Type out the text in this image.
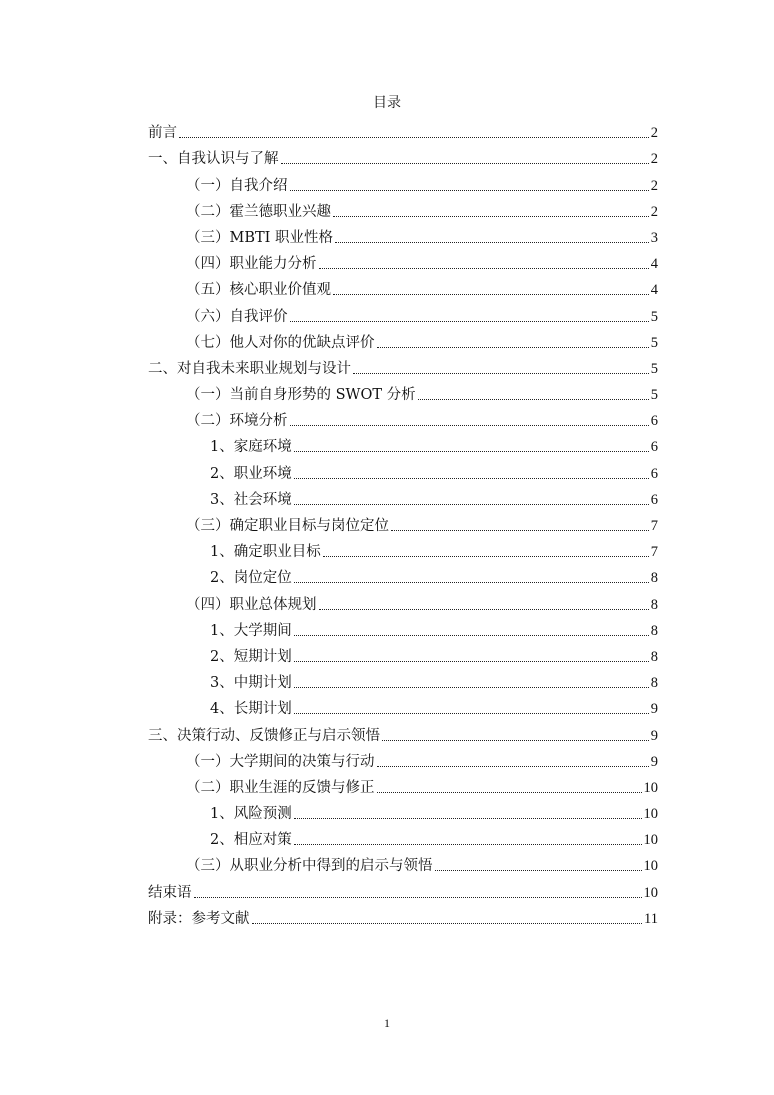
目录
前言	2
一、自我认识与了解	2
（一）自我介绍	2
（二）霍兰德职业兴趣	2
（三）MBTI 职业性格	3
（四）职业能力分析	4
（五）核心职业价值观	4
（六）自我评价	5
（七）他人对你的优缺点评价	5
二、对自我未来职业规划与设计	5
（一）当前自身形势的 SWOT 分析	5
（二）环境分析	6
1、家庭环境	6
2、职业环境	6
3、社会环境	6
（三）确定职业目标与岗位定位	7
1、确定职业目标	7
2、岗位定位	8
（四）职业总体规划	8
1、大学期间	8
2、短期计划	8
3、中期计划	8
4、长期计划	9
三、决策行动、反馈修正与启示领悟	9
（一）大学期间的决策与行动	9
（二）职业生涯的反馈与修正	10
1、风险预测	10
2、相应对策	10
（三）从职业分析中得到的启示与领悟	10
结束语	10
附录：参考文献	11
1
